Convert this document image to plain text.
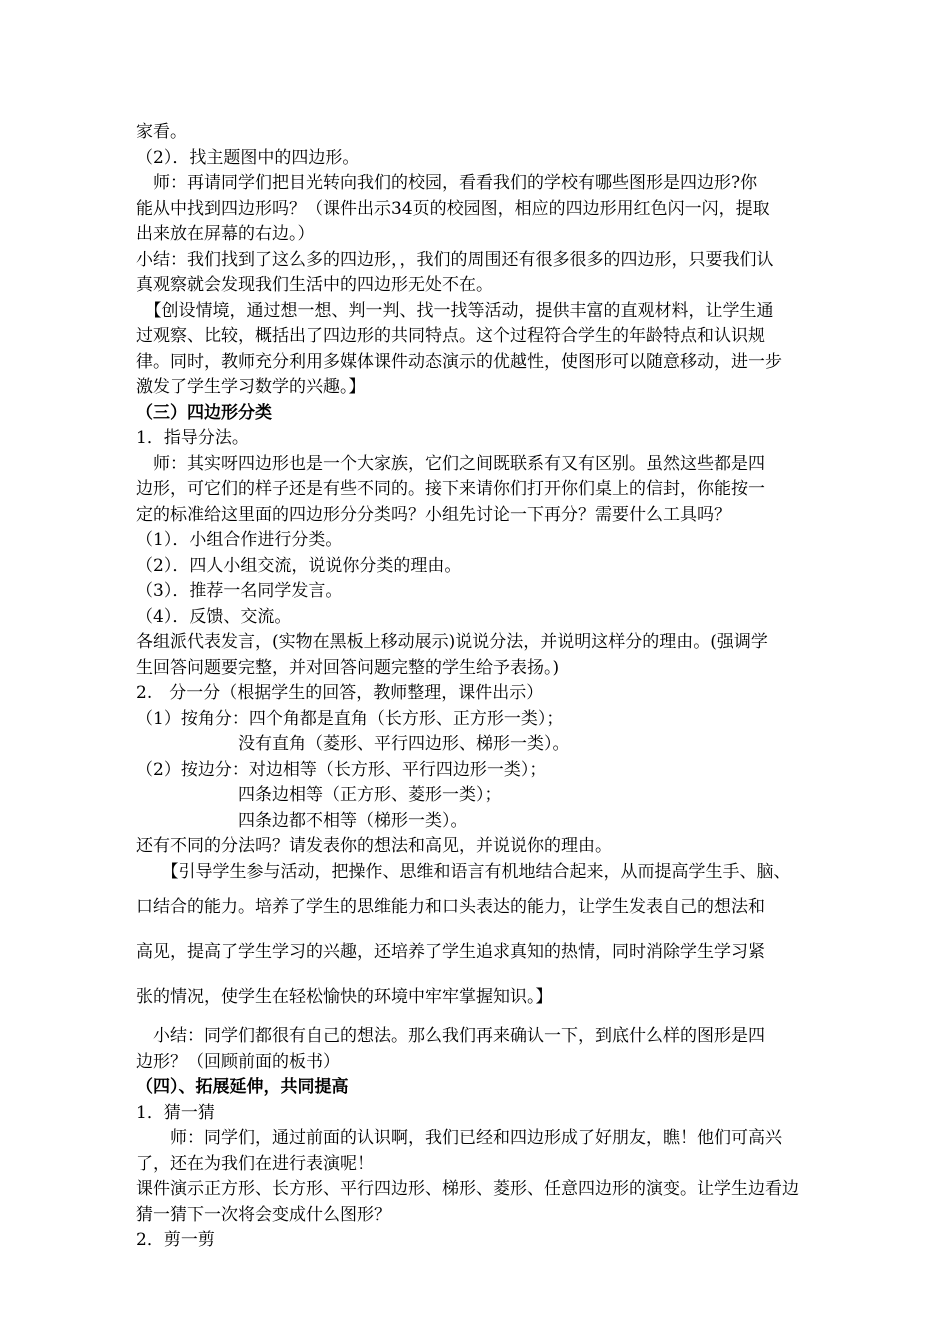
家看。
（2）．找主题图中的四边形。
　师：再请同学们把目光转向我们的校园，看看我们的学校有哪些图形是四边形?你
能从中找到四边形吗？（课件出示34页的校园图，相应的四边形用红色闪一闪，提取
出来放在屏幕的右边。）
小结：我们找到了这么多的四边形，，我们的周围还有很多很多的四边形，只要我们认
真观察就会发现我们生活中的四边形无处不在。
　【创设情境，通过想一想、判一判、找一找等活动，提供丰富的直观材料，让学生通
过观察、比较，概括出了四边形的共同特点。这个过程符合学生的年龄特点和认识规
律。同时，教师充分利用多媒体课件动态演示的优越性，使图形可以随意移动，进一步
激发了学生学习数学的兴趣。】
（三）四边形分类
1．指导分法。
　师：其实呀四边形也是一个大家族，它们之间既联系有又有区别。虽然这些都是四
边形，可它们的样子还是有些不同的。接下来请你们打开你们桌上的信封，你能按一
定的标准给这里面的四边形分分类吗？小组先讨论一下再分？需要什么工具吗？
（1）．小组合作进行分类。
（2）．四人小组交流，说说你分类的理由。
（3）．推荐一名同学发言。
（4）．反馈、交流。
各组派代表发言，(实物在黑板上移动展示)说说分法，并说明这样分的理由。(强调学
生回答问题要完整，并对回答问题完整的学生给予表扬。)
2.　分一分（根据学生的回答，教师整理，课件出示）
（1）按角分：四个角都是直角（长方形、正方形一类）；
　　　　　　没有直角（菱形、平行四边形、梯形一类）。
（2）按边分：对边相等（长方形、平行四边形一类）；
　　　　　　四条边相等（正方形、菱形一类）；
　　　　　　四条边都不相等（梯形一类）。
还有不同的分法吗？请发表你的想法和高见，并说说你的理由。
　　【引导学生参与活动，把操作、思维和语言有机地结合起来，从而提高学生手、脑、
口结合的能力。培养了学生的思维能力和口头表达的能力，让学生发表自己的想法和
高见，提高了学生学习的兴趣，还培养了学生追求真知的热情，同时消除学生学习紧
张的情况，使学生在轻松愉快的环境中牢牢掌握知识。】
　小结：同学们都很有自己的想法。那么我们再来确认一下，到底什么样的图形是四
边形？（回顾前面的板书）
（四）、拓展延伸，共同提高
1．猜一猜
　　师：同学们，通过前面的认识啊，我们已经和四边形成了好朋友，瞧！他们可高兴
了，还在为我们在进行表演呢！
课件演示正方形、长方形、平行四边形、梯形、菱形、任意四边形的演变。让学生边看边
猜一猜下一次将会变成什么图形？
2．剪一剪
